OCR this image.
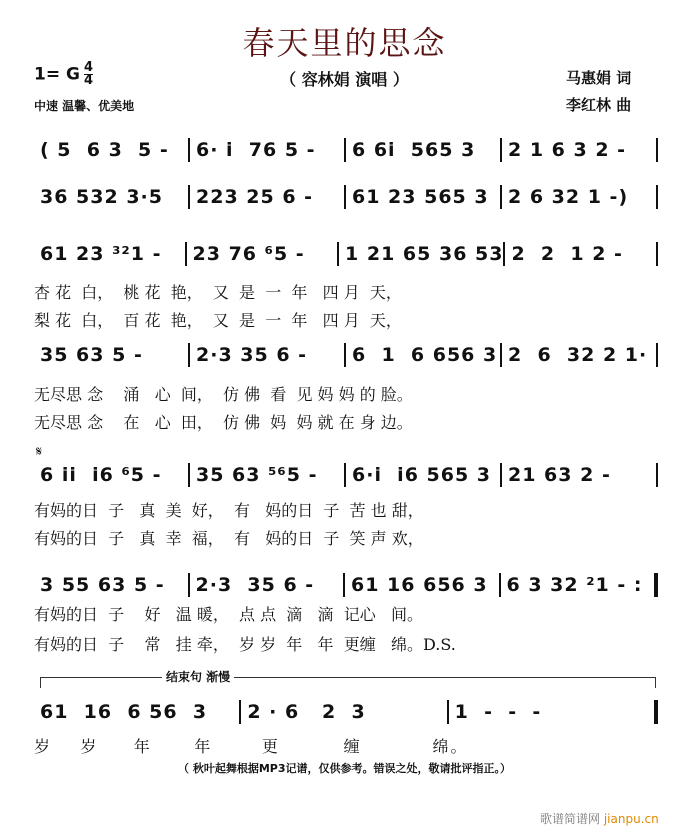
春天里的思念
1= G $\frac{4}{4}$	（ 容林娟 演唱 ）	马惠娟 词
李红林 曲
中速 温馨、优美地
𝄋
( 5  6 3  5 -	6· i  76 5 -	6 6i  565 3	2 1 6 3 2 -
36 532 3·5	223 25 6 -	61 23 565 3	2 6 32 1 -)
61 23 ³²1 -	23 76 ⁶5 -	1 21 65 36 53 2  2  1 2 -
35 63 5 -	2·3 35 6 -	6  1  6 656 3 2  6  32 2 1·
6 ii  i6 ⁶5 -	35 63 ⁵⁶5 -	6·i  i6 565 3 21 63 2 -
3 55 63 5 -	2·3  35 6 -	61 16 656 3 6 3 32 ²1 - :
61  16  6 56  3	2 · 6   2  3	1  -  -  -
杏 花  白，  桃 花  艳，  又  是  一  年   四 月  天，
梨 花  白，  百 花  艳，  又  是  一  年   四 月  天，
无尽思 念    涌   心  间，  仿 佛  看  见 妈 妈 的 脸。
无尽思 念    在   心  田，  仿 佛  妈  妈 就 在 身 边。
有妈的日  子   真  美  好，  有   妈的日  子  苦 也 甜，
有妈的日  子   真  幸  福，  有   妈的日  子  笑 声 欢，
有妈的日  子    好   温 暖，  点 点  滴   滴  记心   间。
有妈的日  子    常   挂 牵，  岁 岁  年   年  更缠   绵。D.S.
岁    岁     年      年       更         缠          绵。
结束句 渐慢
（ 秋叶起舞根据MP3记谱，仅供参考。错误之处，敬请批评指正。）
歌谱简谱网 jianpu.cn
